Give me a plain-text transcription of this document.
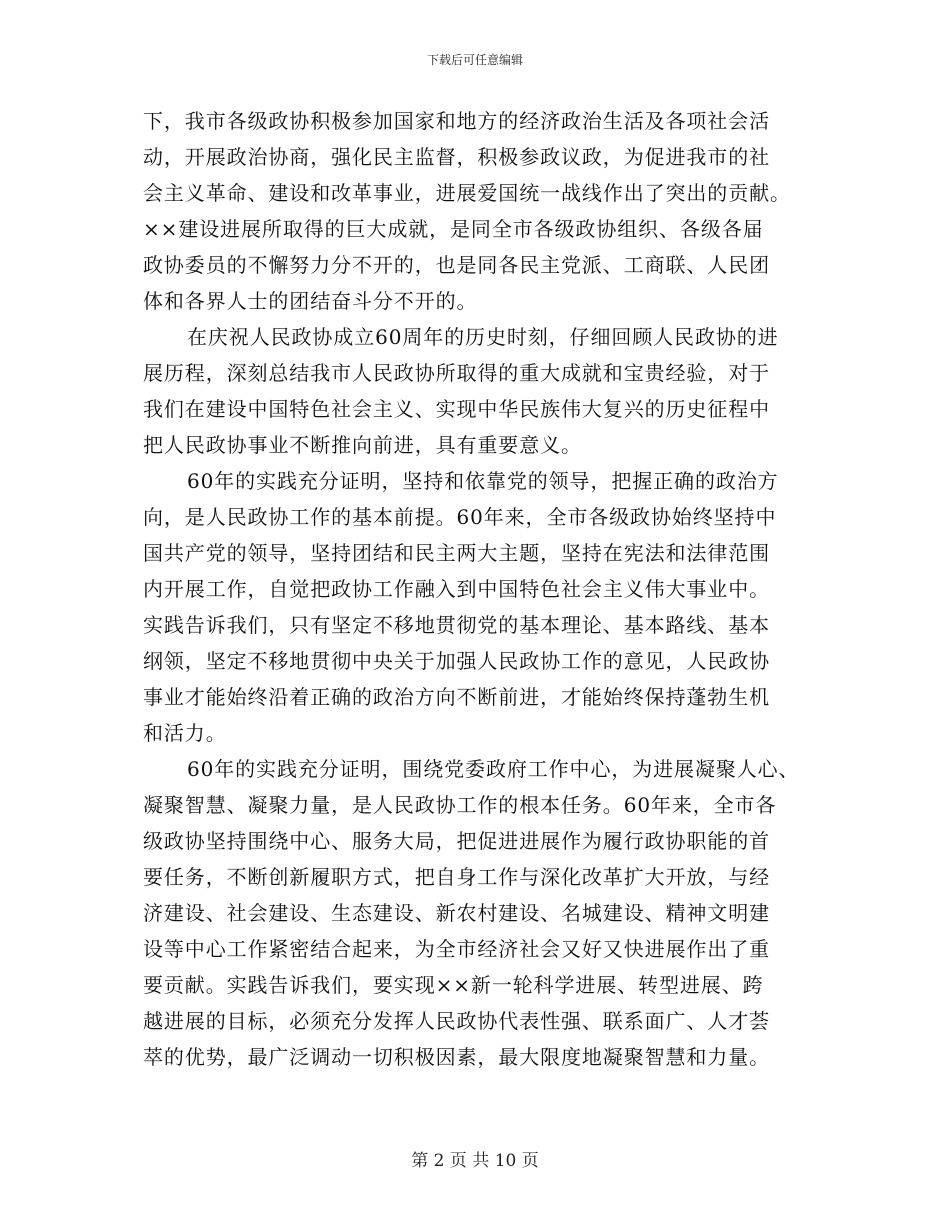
下载后可任意编辑

下，我市各级政协积极参加国家和地方的经济政治生活及各项社会活
动，开展政治协商，强化民主监督，积极参政议政，为促进我市的社
会主义革命、建设和改革事业，进展爱国统一战线作出了突出的贡献。
××建设进展所取得的巨大成就，是同全市各级政协组织、各级各届
政协委员的不懈努力分不开的，也是同各民主党派、工商联、人民团
体和各界人士的团结奋斗分不开的。

在庆祝人民政协成立60周年的历史时刻，仔细回顾人民政协的进
展历程，深刻总结我市人民政协所取得的重大成就和宝贵经验，对于
我们在建设中国特色社会主义、实现中华民族伟大复兴的历史征程中
把人民政协事业不断推向前进，具有重要意义。

60年的实践充分证明，坚持和依靠党的领导，把握正确的政治方
向，是人民政协工作的基本前提。60年来，全市各级政协始终坚持中
国共产党的领导，坚持团结和民主两大主题，坚持在宪法和法律范围
内开展工作，自觉把政协工作融入到中国特色社会主义伟大事业中。
实践告诉我们，只有坚定不移地贯彻党的基本理论、基本路线、基本
纲领，坚定不移地贯彻中央关于加强人民政协工作的意见，人民政协
事业才能始终沿着正确的政治方向不断前进，才能始终保持蓬勃生机
和活力。

60年的实践充分证明，围绕党委政府工作中心，为进展凝聚人心、
凝聚智慧、凝聚力量，是人民政协工作的根本任务。60年来，全市各
级政协坚持围绕中心、服务大局，把促进进展作为履行政协职能的首
要任务，不断创新履职方式，把自身工作与深化改革扩大开放，与经
济建设、社会建设、生态建设、新农村建设、名城建设、精神文明建
设等中心工作紧密结合起来，为全市经济社会又好又快进展作出了重
要贡献。实践告诉我们，要实现××新一轮科学进展、转型进展、跨
越进展的目标，必须充分发挥人民政协代表性强、联系面广、人才荟
萃的优势，最广泛调动一切积极因素，最大限度地凝聚智慧和力量。

第 2 页 共 10 页
